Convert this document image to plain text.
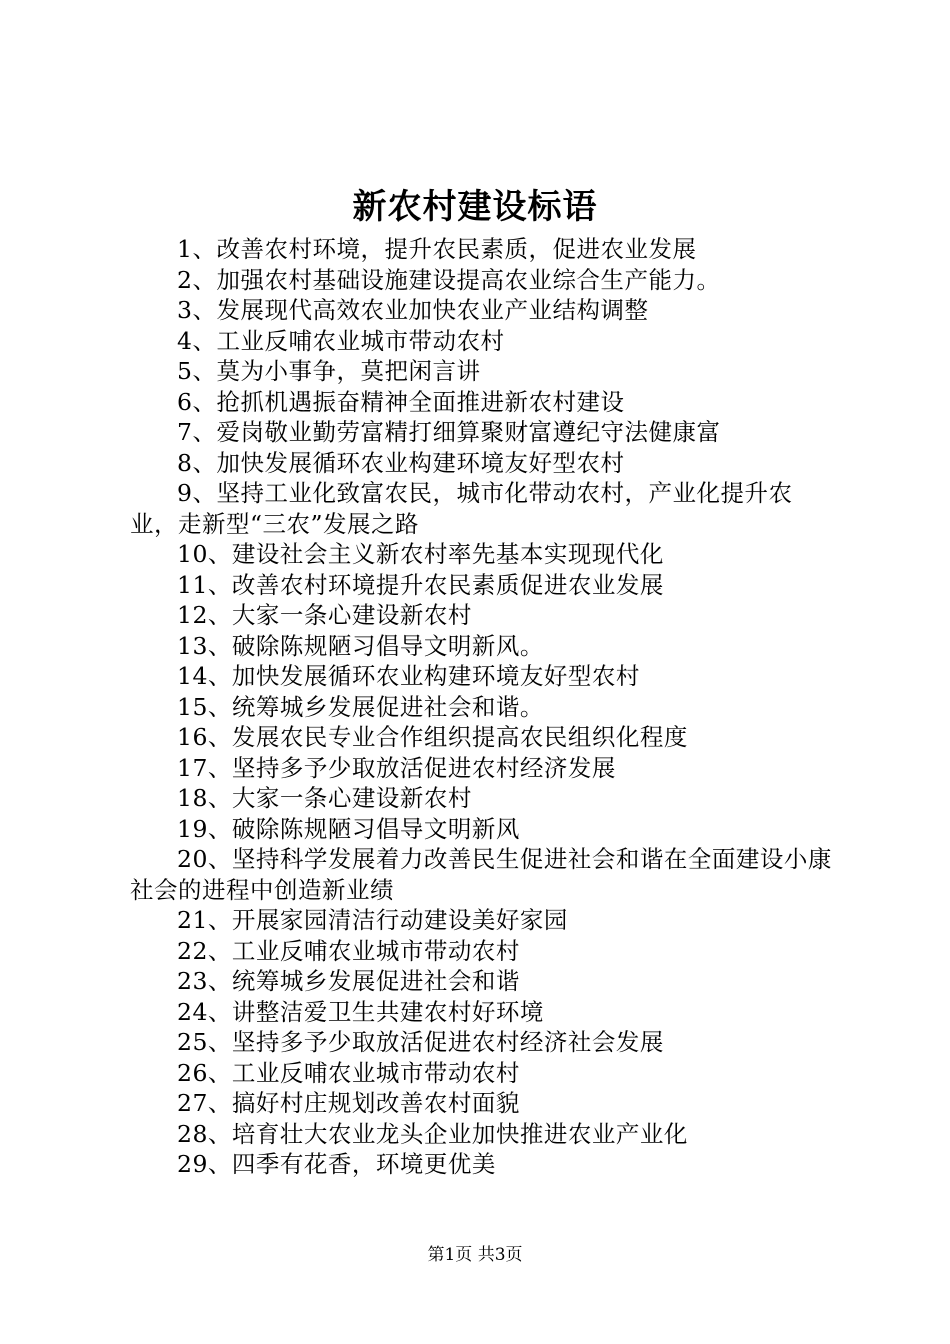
新农村建设标语
1、改善农村环境，提升农民素质，促进农业发展
2、加强农村基础设施建设提高农业综合生产能力。
3、发展现代高效农业加快农业产业结构调整
4、工业反哺农业城市带动农村
5、莫为小事争，莫把闲言讲
6、抢抓机遇振奋精神全面推进新农村建设
7、爱岗敬业勤劳富精打细算聚财富遵纪守法健康富
8、加快发展循环农业构建环境友好型农村
9、坚持工业化致富农民，城市化带动农村，产业化提升农业，走新型“三农”发展之路
10、建设社会主义新农村率先基本实现现代化
11、改善农村环境提升农民素质促进农业发展
12、大家一条心建设新农村
13、破除陈规陋习倡导文明新风。
14、加快发展循环农业构建环境友好型农村
15、统筹城乡发展促进社会和谐。
16、发展农民专业合作组织提高农民组织化程度
17、坚持多予少取放活促进农村经济发展
18、大家一条心建设新农村
19、破除陈规陋习倡导文明新风
20、坚持科学发展着力改善民生促进社会和谐在全面建设小康社会的进程中创造新业绩
21、开展家园清洁行动建设美好家园
22、工业反哺农业城市带动农村
23、统筹城乡发展促进社会和谐
24、讲整洁爱卫生共建农村好环境
25、坚持多予少取放活促进农村经济社会发展
26、工业反哺农业城市带动农村
27、搞好村庄规划改善农村面貌
28、培育壮大农业龙头企业加快推进农业产业化
29、四季有花香，环境更优美
第1页 共3页
